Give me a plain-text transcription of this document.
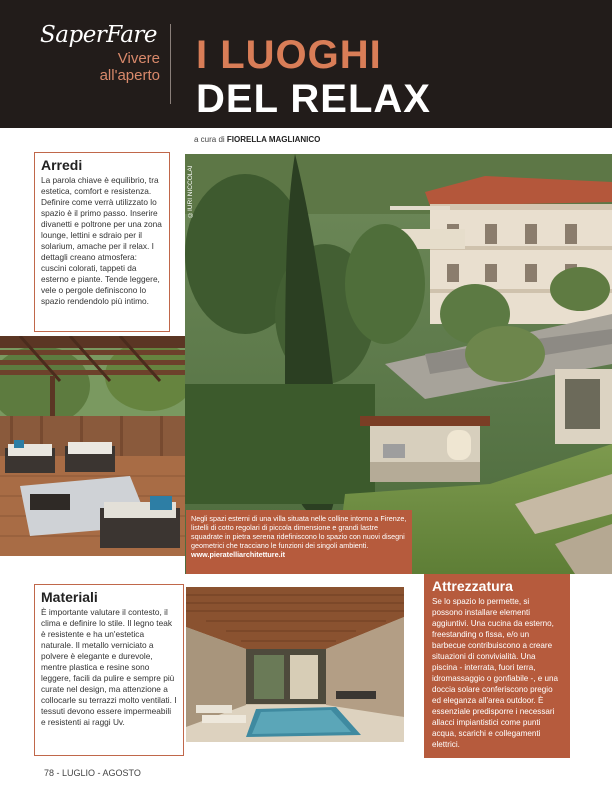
SaperFare
Vivere
all'aperto I LUOGHI
DEL RELAX
a cura di FIORELLA MAGLIANICO
©IURI NICCOLAI
Arredi

La parola chiave è equilibrio, tra estetica, comfort e resistenza. Definire come verrà utilizzato lo spazio è il primo passo. Inserire divanetti e poltrone per una zona lounge, lettini e sdraio per il solarium, amache per il relax. I dettagli creano atmosfera: cuscini colorati, tappeti da esterno e piante. Tende leggere, vele o pergole definiscono lo spazio rendendolo più intimo.

Negli spazi esterni di una villa situata nelle colline intorno a Firenze, listelli di cotto regolari di piccola dimensione e grandi lastre squadrate in pietra serena ridefiniscono lo spazio con nuovi disegni geometrici che tracciano le funzioni dei singoli ambienti.

www.pieratelliarchitetture.it

Materiali

È importante valutare il contesto, il clima e definire lo stile. Il legno teak è resistente e ha un'estetica naturale. Il metallo verniciato a polvere è elegante e durevole, mentre plastica e resine sono leggere, facili da pulire e sempre più curate nel design, ma attenzione a collocarle su terrazzi molto ventilati. I tessuti devono essere impermeabili e resistenti ai raggi Uv.

Attrezzatura

Se lo spazio lo permette, si possono installare elementi aggiuntivi. Una cucina da esterno, freestanding o fissa, e/o un barbecue contribuiscono a creare situazioni di convivialità. Una piscina - interrata, fuori terra, idromassaggio o gonfiabile -, e una doccia solare conferiscono pregio ed eleganza all'area outdoor. È essenziale predisporre i necessari allacci impiantistici come punti acqua, scarichi e collegamenti elettrici.

78 - LUGLIO - AGOSTO
